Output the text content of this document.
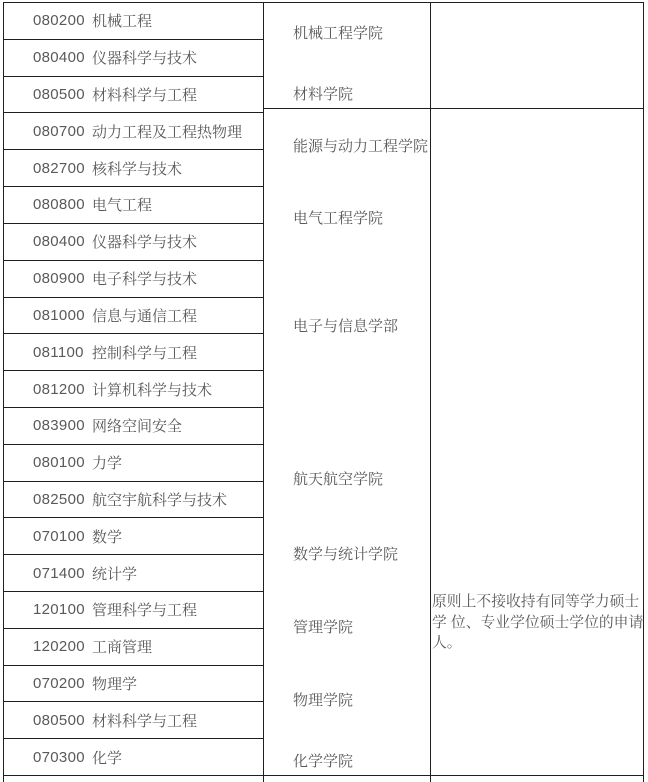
080200 机械工程
080400 仪器科学与技术
080500 材料科学与工程
080700 动力工程及工程热物理
082700 核科学与技术
080800 电气工程
080400 仪器科学与技术
080900 电子科学与技术
081000 信息与通信工程
081100 控制科学与工程
081200 计算机科学与技术
083900 网络空间安全
080100 力学
082500 航空宇航科学与技术
070100 数学
071400 统计学
120100 管理科学与工程
120200 工商管理
070200 物理学
080500 材料科学与工程
070300 化学
机械工程学院
材料学院
能源与动力工程学院
电气工程学院
电子与信息学部
航天航空学院
数学与统计学院
管理学院
物理学院
化学学院
原则上不接收持有同等学力硕士
学 位、专业学位硕士学位的申请
人。
